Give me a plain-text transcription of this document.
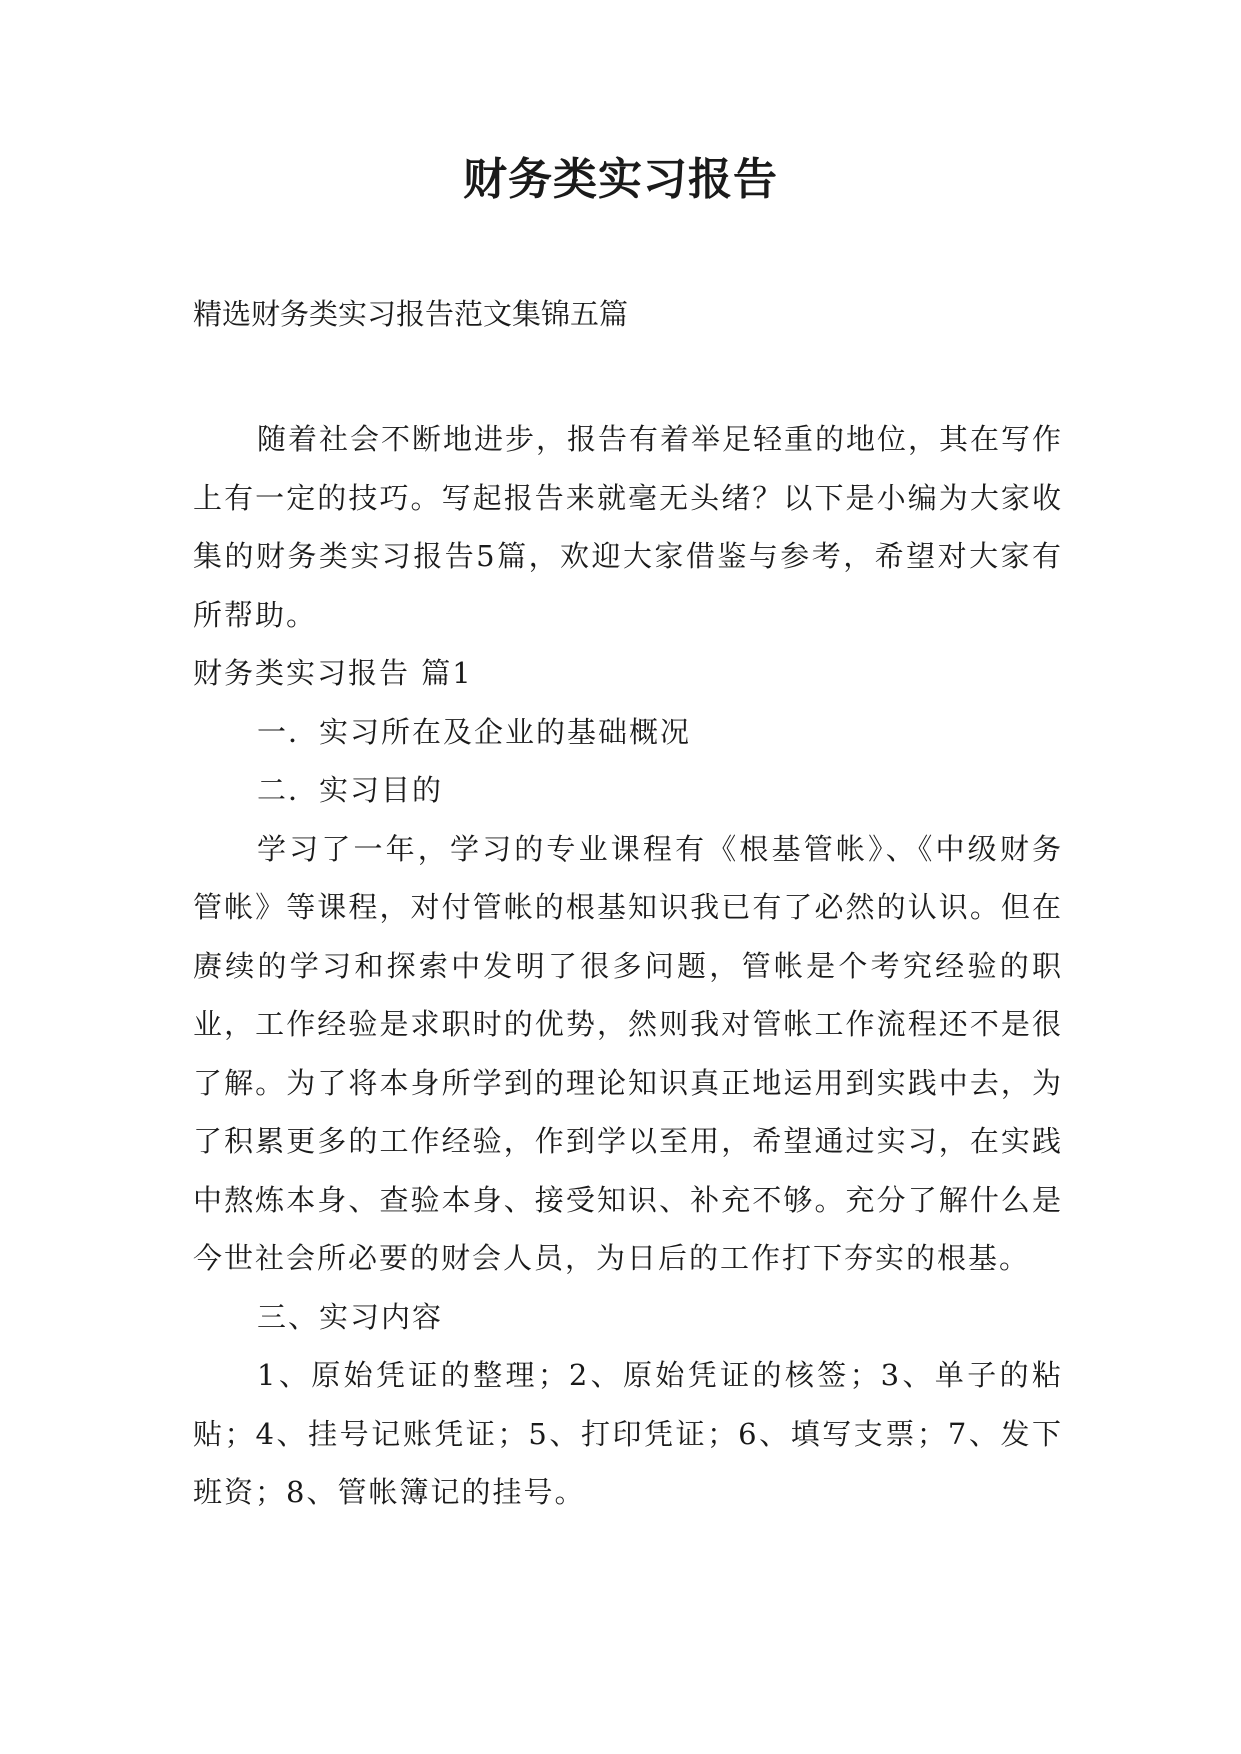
财务类实习报告

精选财务类实习报告范文集锦五篇

随着社会不断地进步，报告有着举足轻重的地位，其在写作上有一定的技巧。写起报告来就毫无头绪？以下是小编为大家收集的财务类实习报告5篇，欢迎大家借鉴与参考，希望对大家有所帮助。

财务类实习报告 篇1

一．实习所在及企业的基础概况

二．实习目的

学习了一年，学习的专业课程有《根基管帐》、《中级财务管帐》等课程，对付管帐的根基知识我已有了必然的认识。但在赓续的学习和探索中发明了很多问题，管帐是个考究经验的职业，工作经验是求职时的优势，然则我对管帐工作流程还不是很了解。为了将本身所学到的理论知识真正地运用到实践中去，为了积累更多的工作经验，作到学以至用，希望通过实习，在实践中熬炼本身、查验本身、接受知识、补充不够。充分了解什么是今世社会所必要的财会人员，为日后的工作打下夯实的根基。

三、实习内容

1、原始凭证的整理；2、原始凭证的核签；3、单子的粘贴；4、挂号记账凭证；5、打印凭证；6、填写支票；7、发下班资；8、管帐簿记的挂号。
